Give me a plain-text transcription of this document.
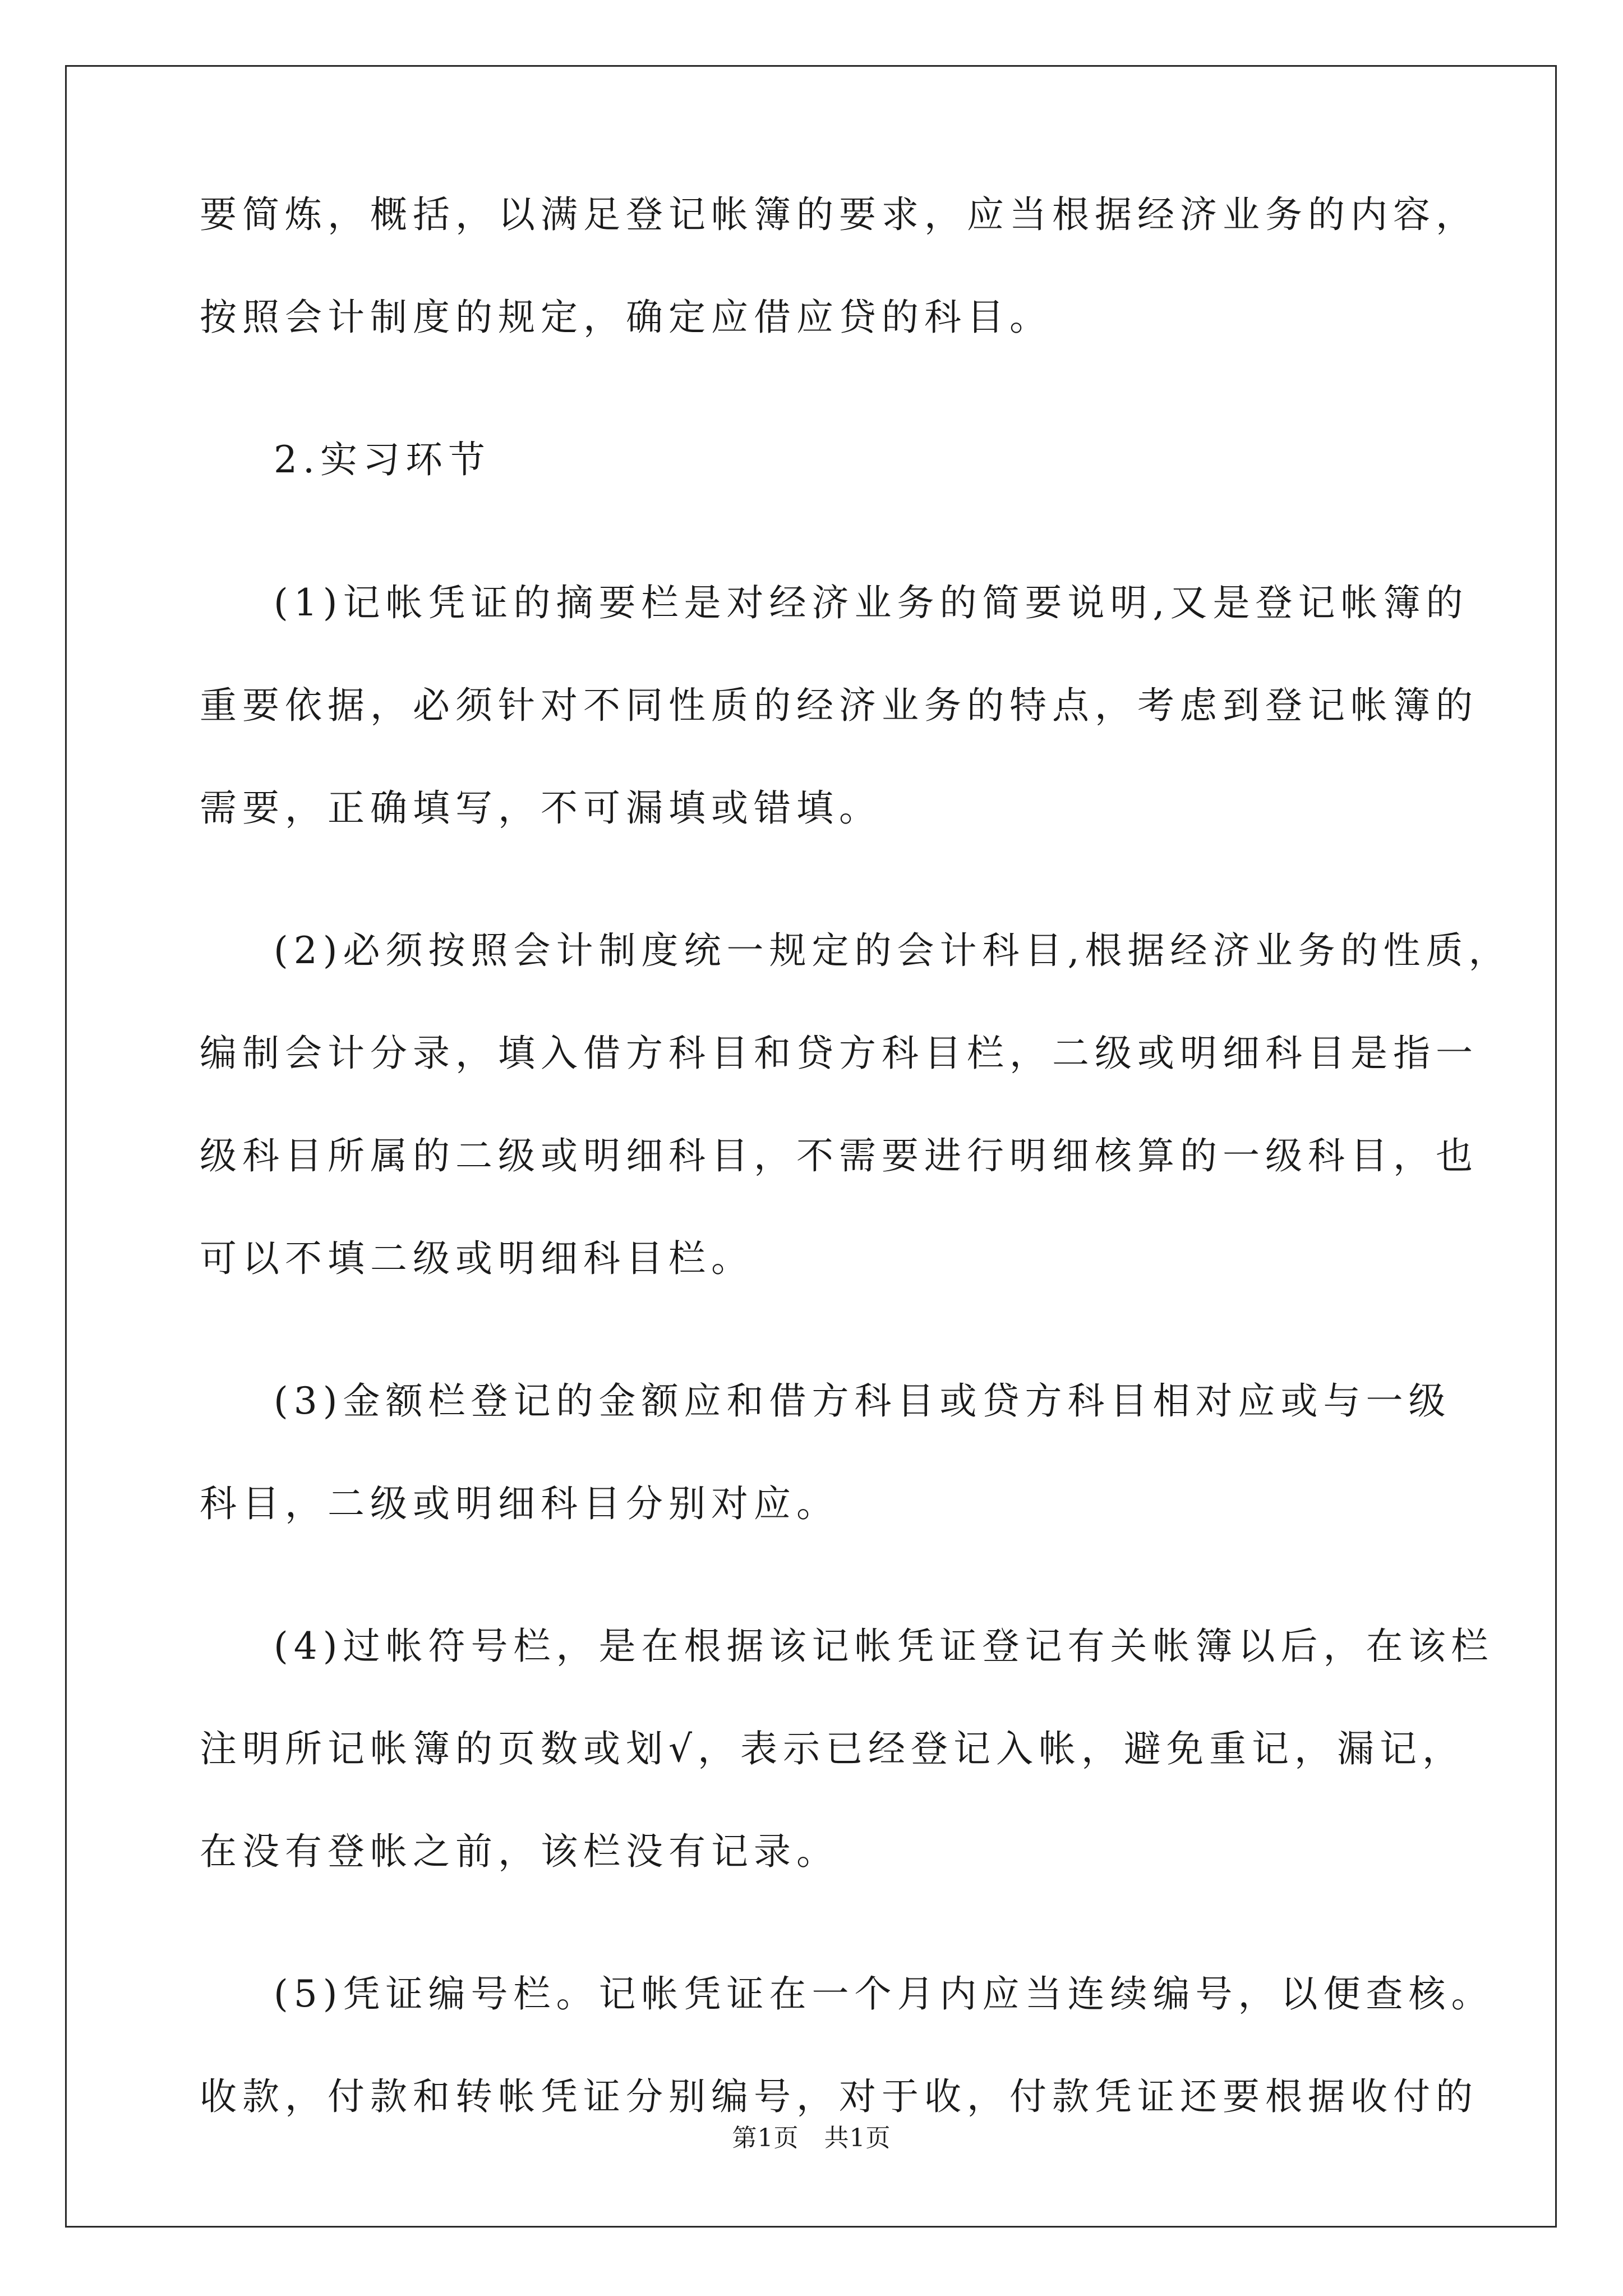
要简炼，概括，以满足登记帐簿的要求，应当根据经济业务的内容，
按照会计制度的规定，确定应借应贷的科目。
2.实习环节
(1)记帐凭证的摘要栏是对经济业务的简要说明,又是登记帐簿的
重要依据，必须针对不同性质的经济业务的特点，考虑到登记帐簿的
需要，正确填写，不可漏填或错填。
(2)必须按照会计制度统一规定的会计科目,根据经济业务的性质，
编制会计分录，填入借方科目和贷方科目栏，二级或明细科目是指一
级科目所属的二级或明细科目，不需要进行明细核算的一级科目，也
可以不填二级或明细科目栏。
(3)金额栏登记的金额应和借方科目或贷方科目相对应或与一级
科目，二级或明细科目分别对应。
(4)过帐符号栏，是在根据该记帐凭证登记有关帐簿以后，在该栏
注明所记帐簿的页数或划√，表示已经登记入帐，避免重记，漏记，
在没有登帐之前，该栏没有记录。
(5)凭证编号栏。记帐凭证在一个月内应当连续编号，以便查核。
收款，付款和转帐凭证分别编号，对于收，付款凭证还要根据收付的
第1页　共1页
